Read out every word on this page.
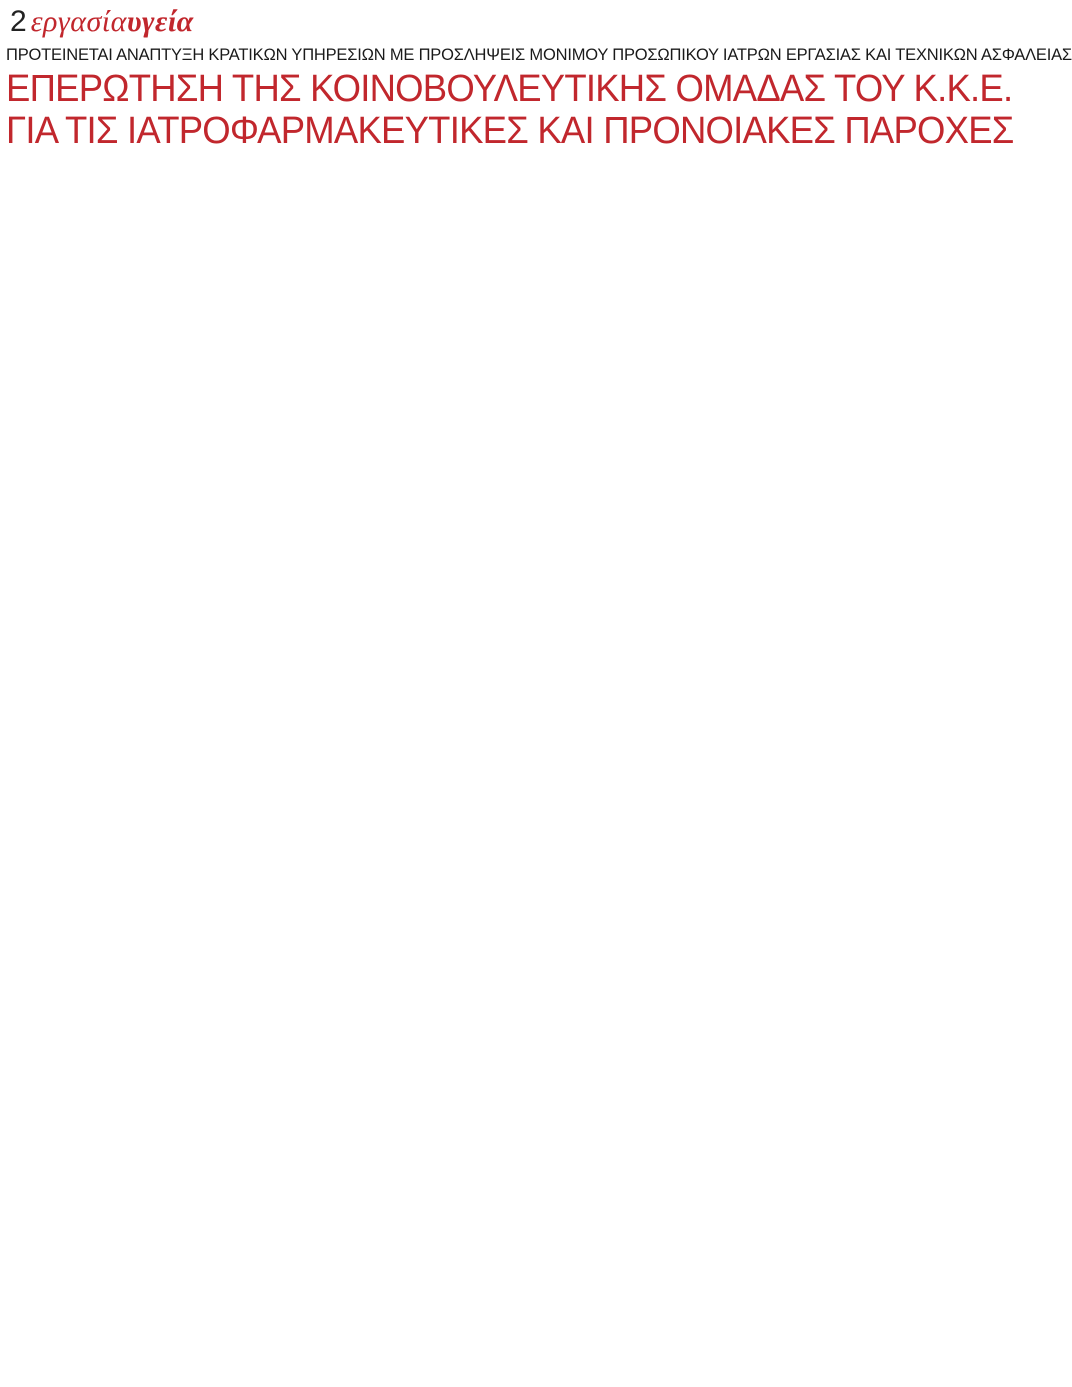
2 εργασίαυγεία
ΠΡΟΤΕΙΝΕΤΑΙ ΑΝΑΠΤΥΞΗ ΚΡΑΤΙΚΩΝ ΥΠΗΡΕΣΙΩΝ ΜΕ ΠΡΟΣΛΗΨΕΙΣ ΜΟΝΙΜΟΥ ΠΡΟΣΩΠΙΚΟΥ ΙΑΤΡΩΝ ΕΡΓΑΣΙΑΣ ΚΑΙ ΤΕΧΝΙΚΩΝ ΑΣΦΑΛΕΙΑΣ
ΕΠΕΡΩΤΗΣΗ ΤΗΣ ΚΟΙΝΟΒΟΥΛΕΥΤΙΚΗΣ ΟΜΑΔΑΣ ΤΟΥ Κ.Κ.Ε.
ΓΙΑ ΤΙΣ ΙΑΤΡΟΦΑΡΜΑΚΕΥΤΙΚΕΣ ΚΑΙ ΠΡΟΝΟΙΑΚΕΣ ΠΑΡΟΧΕΣ
